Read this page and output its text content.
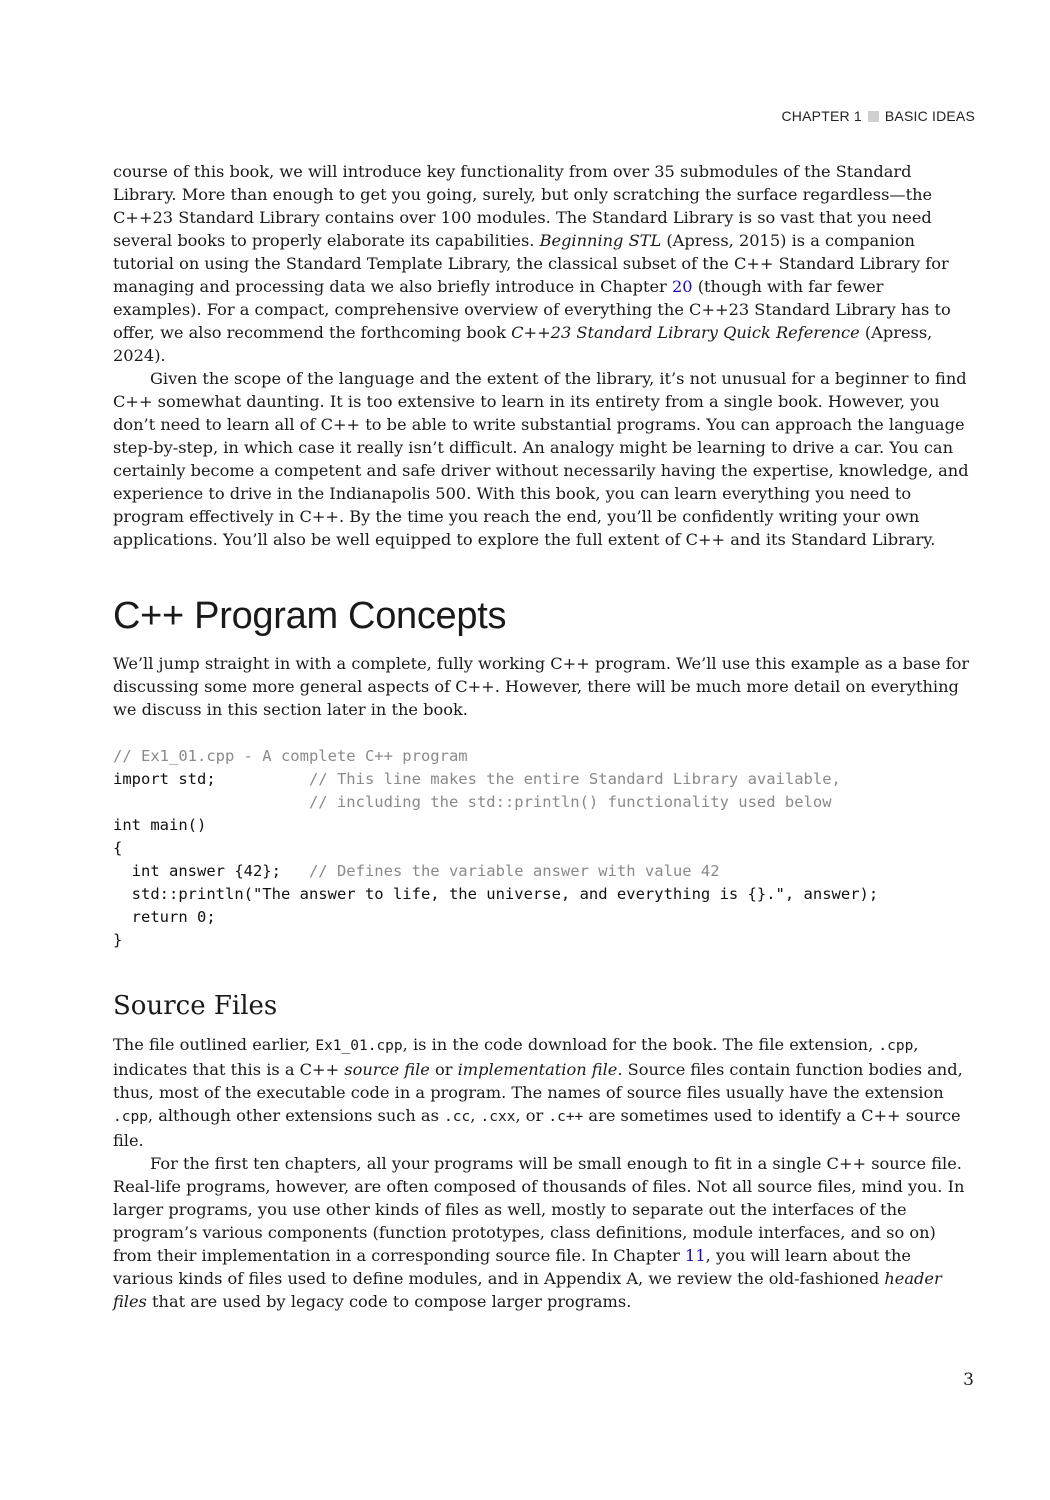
CHAPTER 1 BASIC IDEAS

course of this book, we will introduce key functionality from over 35 submodules of the Standard Library. More than enough to get you going, surely, but only scratching the surface regardless—the C++23 Standard Library contains over 100 modules. The Standard Library is so vast that you need several books to properly elaborate its capabilities. Beginning STL (Apress, 2015) is a companion tutorial on using the Standard Template Library, the classical subset of the C++ Standard Library for managing and processing data we also briefly introduce in Chapter 20 (though with far fewer examples). For a compact, comprehensive overview of everything the C++23 Standard Library has to offer, we also recommend the forthcoming book C++23 Standard Library Quick Reference (Apress, 2024).

Given the scope of the language and the extent of the library, it’s not unusual for a beginner to find C++ somewhat daunting. It is too extensive to learn in its entirety from a single book. However, you don’t need to learn all of C++ to be able to write substantial programs. You can approach the language step-by-step, in which case it really isn’t difficult. An analogy might be learning to drive a car. You can certainly become a competent and safe driver without necessarily having the expertise, knowledge, and experience to drive in the Indianapolis 500. With this book, you can learn everything you need to program effectively in C++. By the time you reach the end, you’ll be confidently writing your own applications. You’ll also be well equipped to explore the full extent of C++ and its Standard Library.

C++ Program Concepts

We’ll jump straight in with a complete, fully working C++ program. We’ll use this example as a base for discussing some more general aspects of C++. However, there will be much more detail on everything we discuss in this section later in the book.

// Ex1_01.cpp - A complete C++ program
import std;          // This line makes the entire Standard Library available,
// including the std::println() functionality used below
int main()
{
int answer {42};   // Defines the variable answer with value 42
std::println("The answer to life, the universe, and everything is {}.", answer);
return 0;
}
Source Files

The file outlined earlier, Ex1_01.cpp, is in the code download for the book. The file extension, .cpp, indicates that this is a C++ source file or implementation file. Source files contain function bodies and, thus, most of the executable code in a program. The names of source files usually have the extension .cpp, although other extensions such as .cc, .cxx, or .c++ are sometimes used to identify a C++ source file.

For the first ten chapters, all your programs will be small enough to fit in a single C++ source file. Real-life programs, however, are often composed of thousands of files. Not all source files, mind you. In larger programs, you use other kinds of files as well, mostly to separate out the interfaces of the program’s various components (function prototypes, class definitions, module interfaces, and so on) from their implementation in a corresponding source file. In Chapter 11, you will learn about the various kinds of files used to define modules, and in Appendix A, we review the old-fashioned header files that are used by legacy code to compose larger programs.

3
